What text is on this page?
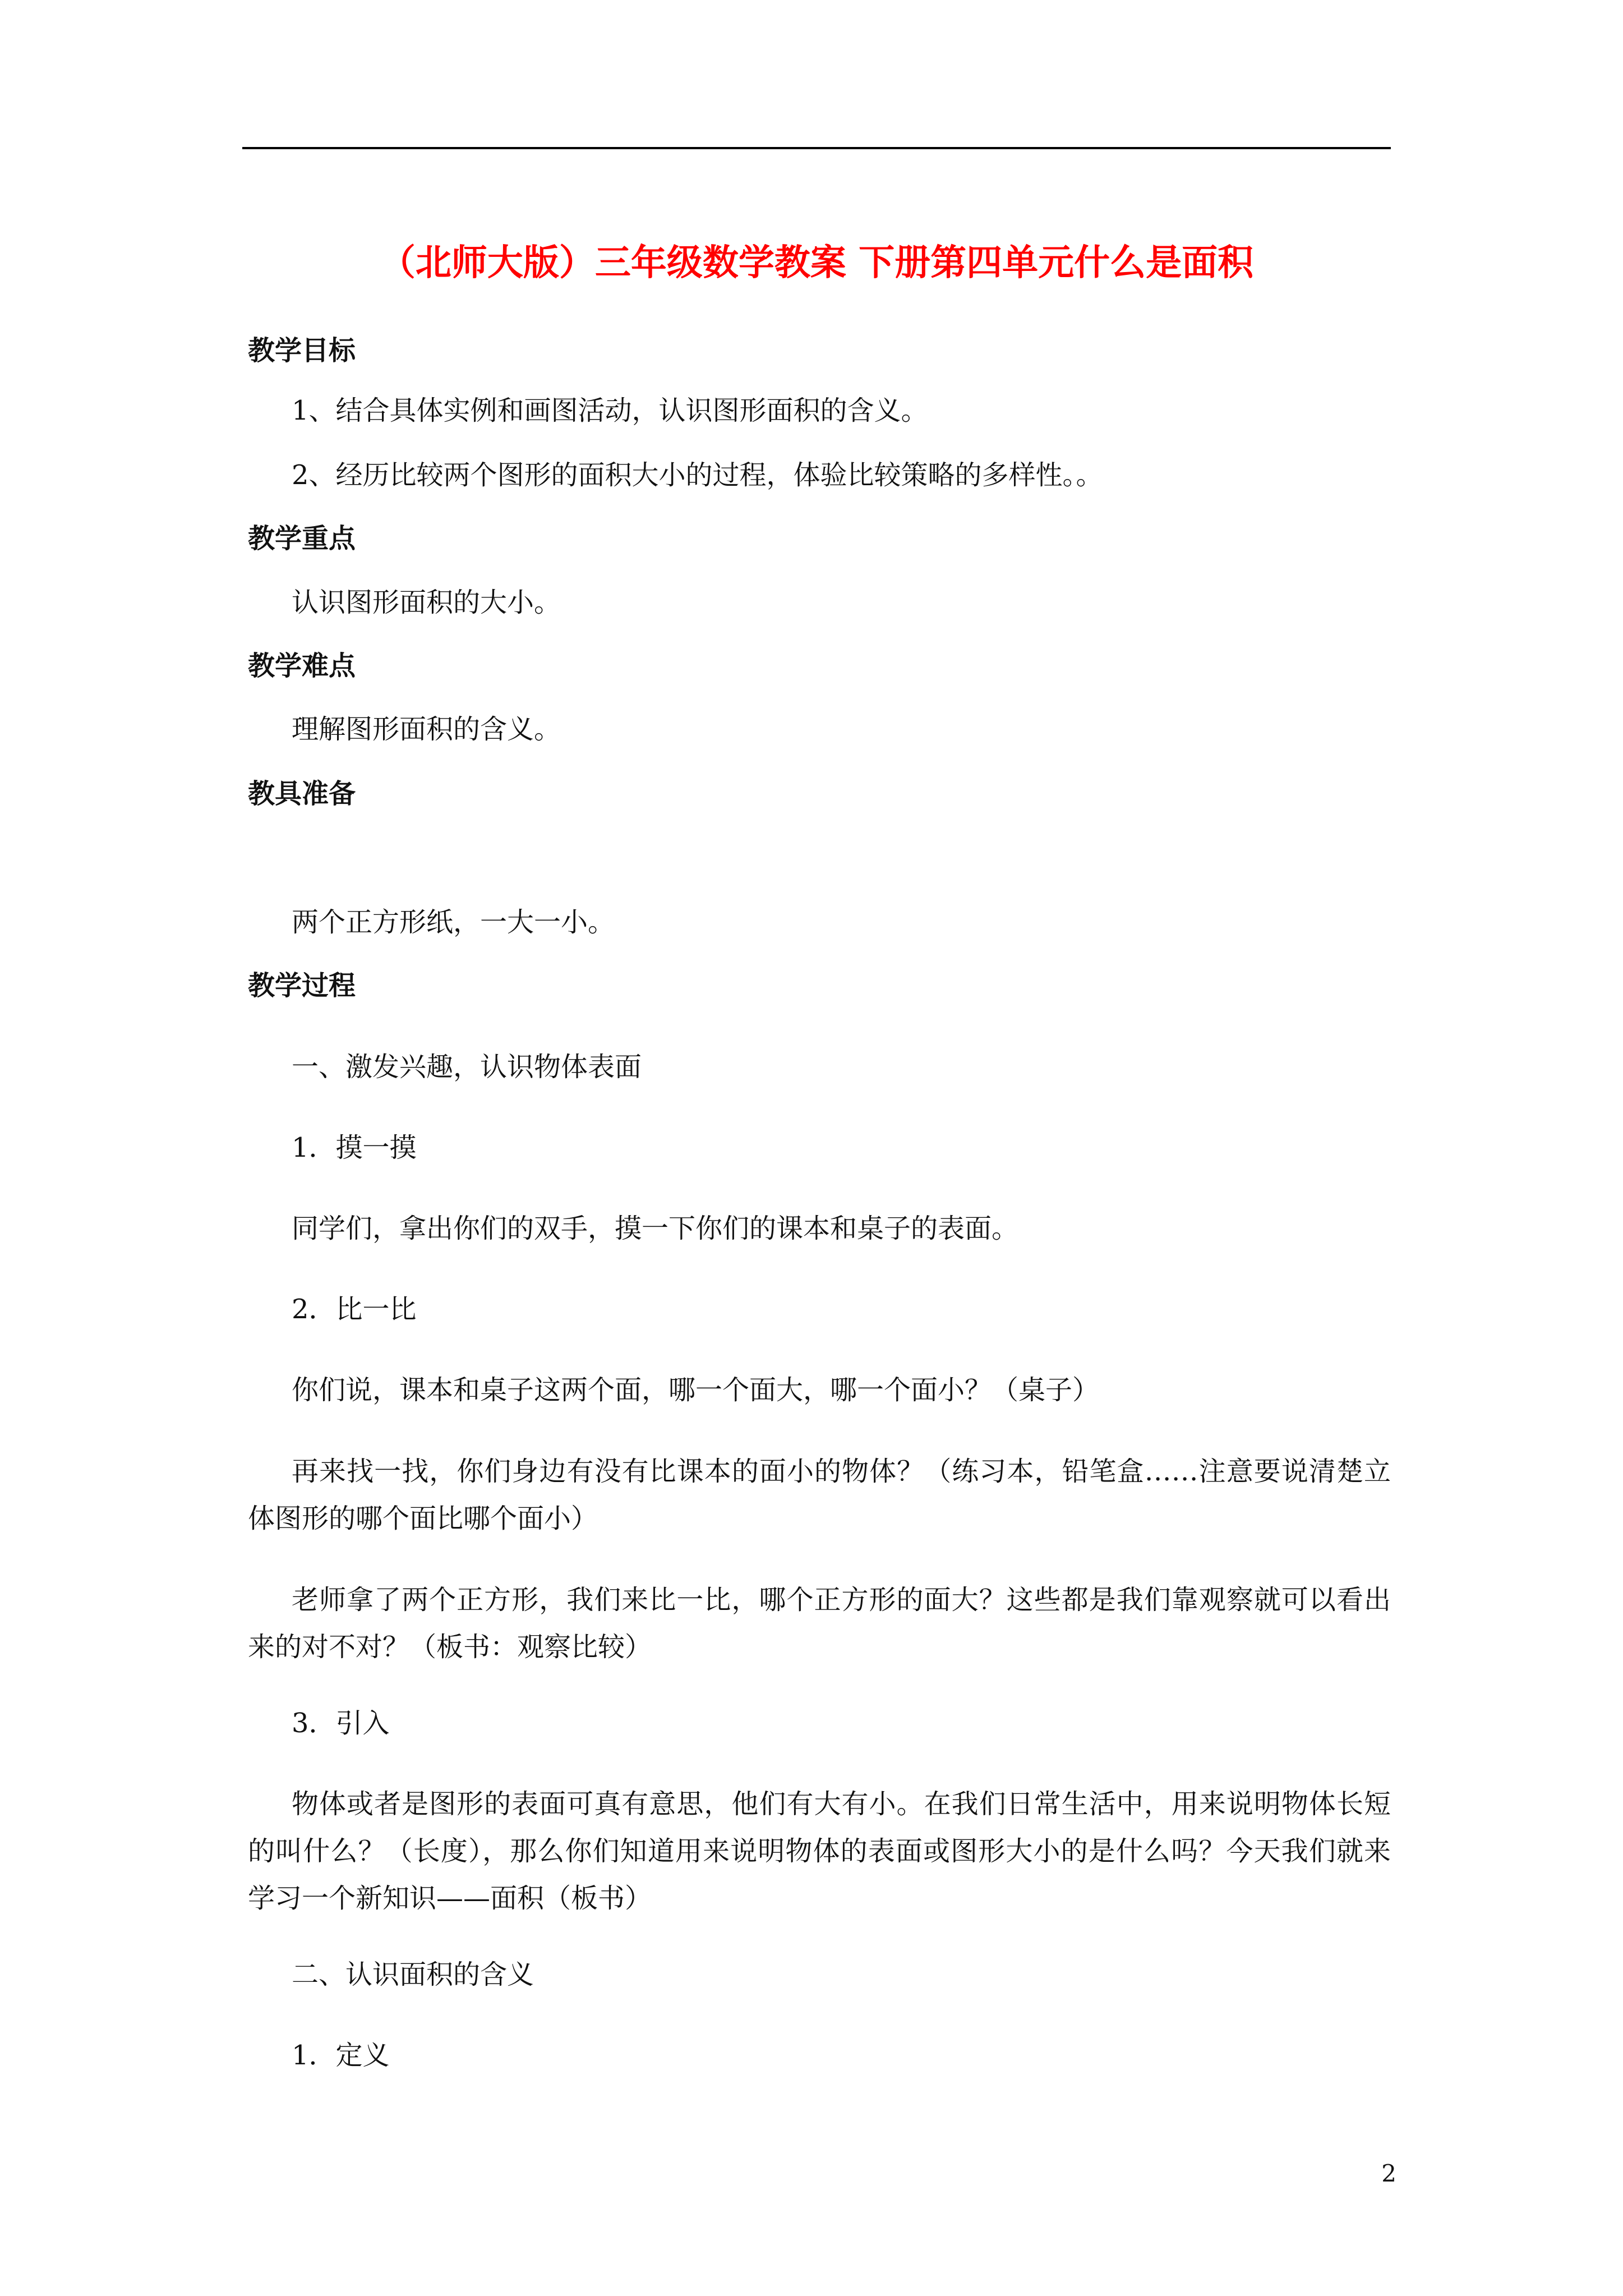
（北师大版）三年级数学教案 下册第四单元什么是面积
教学目标
1、结合具体实例和画图活动，认识图形面积的含义。
2、经历比较两个图形的面积大小的过程，体验比较策略的多样性。。
教学重点
认识图形面积的大小。
教学难点
理解图形面积的含义。
教具准备
两个正方形纸，一大一小。
教学过程
一、激发兴趣，认识物体表面
1．摸一摸
同学们，拿出你们的双手，摸一下你们的课本和桌子的表面。
2．比一比
你们说，课本和桌子这两个面，哪一个面大，哪一个面小？（桌子）
再来找一找，你们身边有没有比课本的面小的物体？（练习本，铅笔盒……注意要说清楚立体图形的哪个面比哪个面小）
老师拿了两个正方形，我们来比一比，哪个正方形的面大？这些都是我们靠观察就可以看出来的对不对？（板书：观察比较）
3．引入
物体或者是图形的表面可真有意思，他们有大有小。在我们日常生活中，用来说明物体长短的叫什么？（长度），那么你们知道用来说明物体的表面或图形大小的是什么吗？今天我们就来学习一个新知识——面积（板书）
二、认识面积的含义
1．定义
2
